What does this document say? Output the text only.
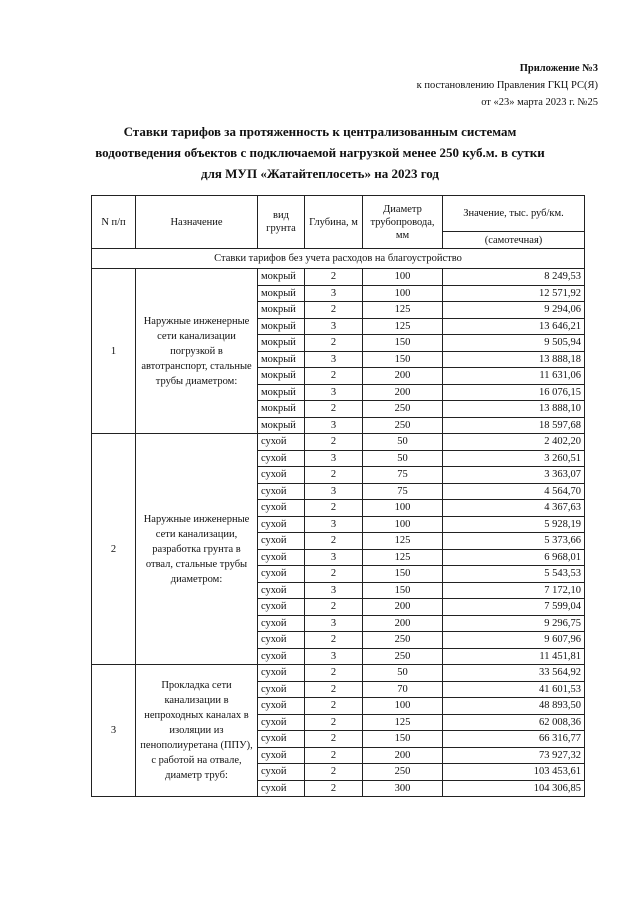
Приложение №3
к постановлению Правления ГКЦ РС(Я)
от «23» марта 2023 г. №25
Ставки тарифов за протяженность к централизованным системам
водоотведения объектов с подключаемой нагрузкой менее 250 куб.м. в сутки
для МУП «Жатайтеплосеть» на 2023 год
N п/п	Назначение	вид грунта	Глубина, м	Диаметр трубопровода, мм	Значение, тыс. руб/км.
					(самотечная)
Ставки тарифов без учета расходов на благоустройство					
1	Наружные инженерные сети канализации погрузкой в автотранспорт, стальные трубы диаметром:	мокрый	2	100	8 249,53
		мокрый	3	100	12 571,92
		мокрый	2	125	9 294,06
		мокрый	3	125	13 646,21
		мокрый	2	150	9 505,94
		мокрый	3	150	13 888,18
		мокрый	2	200	11 631,06
		мокрый	3	200	16 076,15
		мокрый	2	250	13 888,10
		мокрый	3	250	18 597,68
2	Наружные инженерные сети канализации, разработка грунта в отвал, стальные трубы диаметром:	сухой	2	50	2 402,20
		сухой	3	50	3 260,51
		сухой	2	75	3 363,07
		сухой	3	75	4 564,70
		сухой	2	100	4 367,63
		сухой	3	100	5 928,19
		сухой	2	125	5 373,66
		сухой	3	125	6 968,01
		сухой	2	150	5 543,53
		сухой	3	150	7 172,10
		сухой	2	200	7 599,04
		сухой	3	200	9 296,75
		сухой	2	250	9 607,96
		сухой	3	250	11 451,81
3	Прокладка сети канализации в непроходных каналах в изоляции из пенополиуретана (ППУ), с работой на отвале, диаметр труб:	сухой	2	50	33 564,92
		сухой	2	70	41 601,53
		сухой	2	100	48 893,50
		сухой	2	125	62 008,36
		сухой	2	150	66 316,77
		сухой	2	200	73 927,32
		сухой	2	250	103 453,61
		сухой	2	300	104 306,85
